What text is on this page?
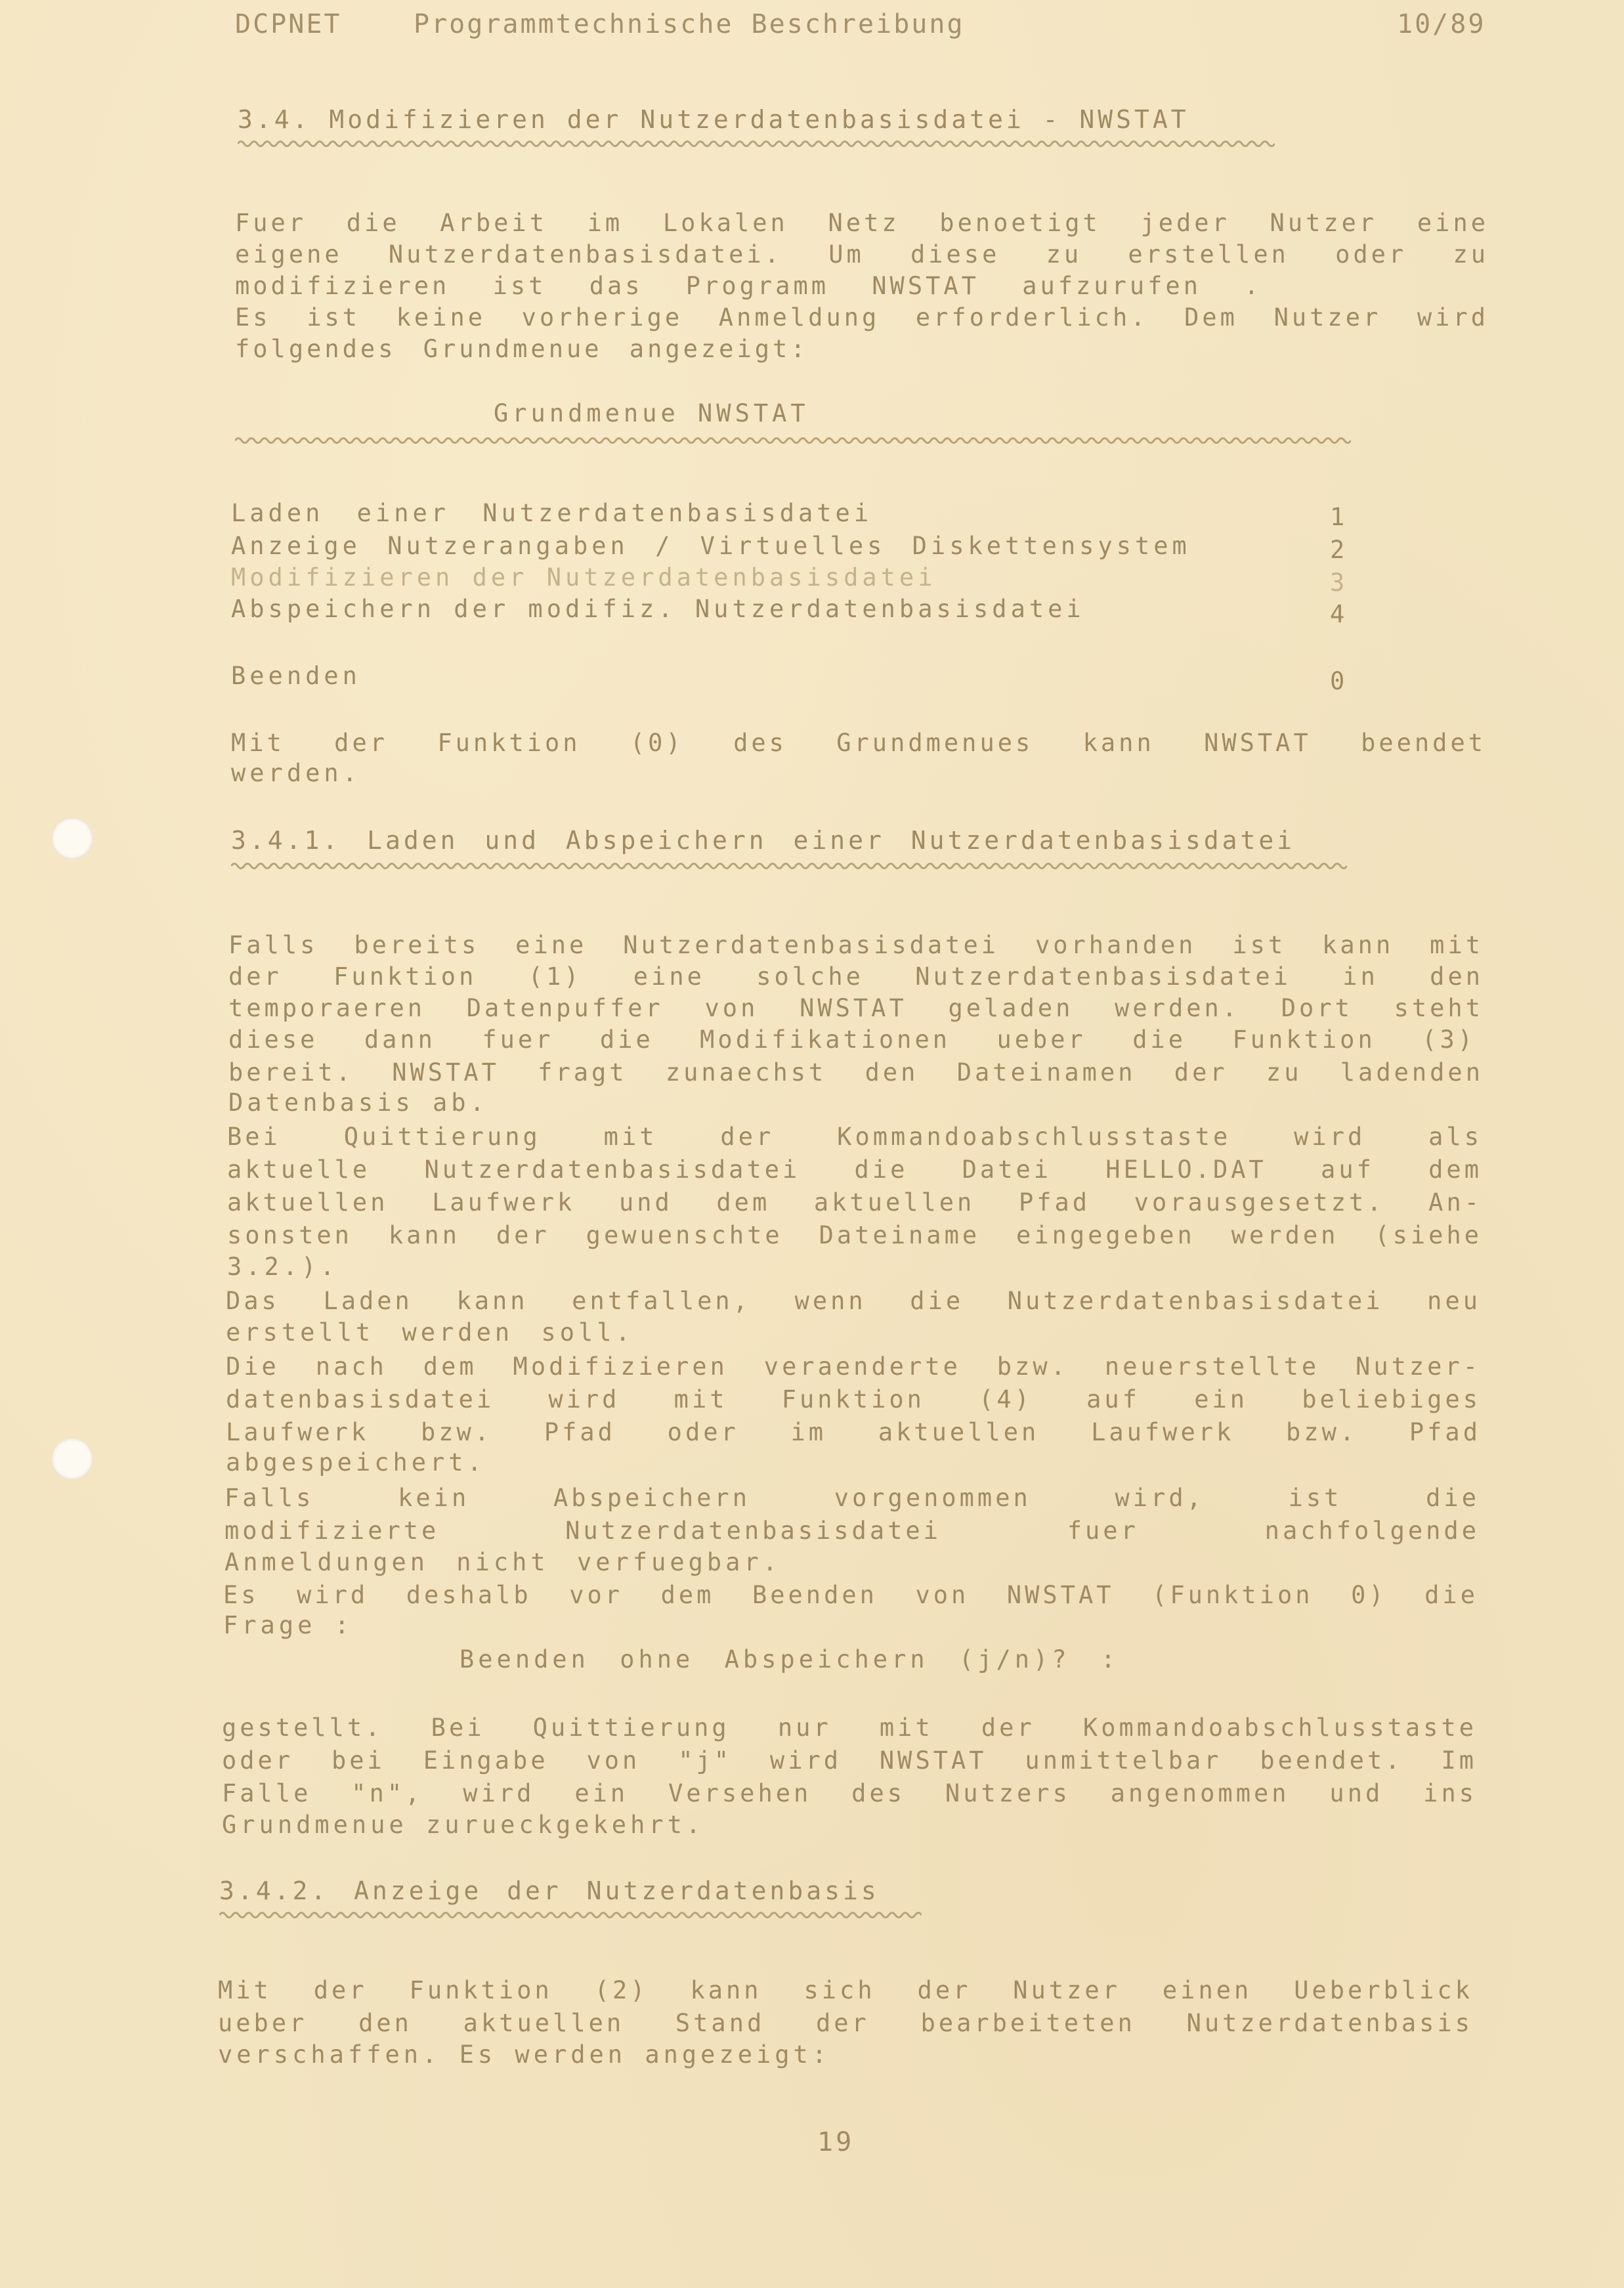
DCPNET	Programmtechnische Beschreibung	10/89
3.4. Modifizieren der Nutzerdatenbasisdatei - NWSTAT
Fuer die Arbeit im Lokalen Netz benoetigt jeder Nutzer eine
eigene Nutzerdatenbasisdatei. Um diese zu erstellen oder zu
modifizieren ist das Programm NWSTAT aufzurufen .
Es ist keine vorherige Anmeldung erforderlich. Dem Nutzer wird
folgendes Grundmenue angezeigt:
Grundmenue NWSTAT
Laden einer Nutzerdatenbasisdatei	1
Anzeige Nutzerangaben / Virtuelles Diskettensystem	2
Modifizieren der Nutzerdatenbasisdatei	3
Abspeichern der modifiz. Nutzerdatenbasisdatei	4
Beenden	0
Mit der Funktion (0) des Grundmenues kann NWSTAT beendet
werden.
3.4.1. Laden und Abspeichern einer Nutzerdatenbasisdatei
Falls bereits eine Nutzerdatenbasisdatei vorhanden ist kann mit
der Funktion (1) eine solche Nutzerdatenbasisdatei in den
temporaeren Datenpuffer von NWSTAT geladen werden. Dort steht
diese dann fuer die Modifikationen ueber die Funktion (3)
bereit. NWSTAT fragt zunaechst den Dateinamen der zu ladenden
Datenbasis ab.
Bei Quittierung mit der Kommandoabschlusstaste wird als
aktuelle Nutzerdatenbasisdatei die Datei HELLO.DAT auf dem
aktuellen Laufwerk und dem aktuellen Pfad vorausgesetzt. An-
sonsten kann der gewuenschte Dateiname eingegeben werden (siehe
3.2.).
Das Laden kann entfallen, wenn die Nutzerdatenbasisdatei neu
erstellt werden soll.
Die nach dem Modifizieren veraenderte bzw. neuerstellte Nutzer-
datenbasisdatei wird mit Funktion (4) auf ein beliebiges
Laufwerk bzw. Pfad oder im aktuellen Laufwerk bzw. Pfad
abgespeichert.
Falls kein Abspeichern vorgenommen wird, ist die
modifizierte Nutzerdatenbasisdatei fuer nachfolgende
Anmeldungen nicht verfuegbar.
Es wird deshalb vor dem Beenden von NWSTAT (Funktion 0) die
Frage :
Beenden ohne Abspeichern (j/n)? :
gestellt. Bei Quittierung nur mit der Kommandoabschlusstaste
oder bei Eingabe von "j" wird NWSTAT unmittelbar beendet. Im
Falle "n", wird ein Versehen des Nutzers angenommen und ins
Grundmenue zurueckgekehrt.
3.4.2. Anzeige der Nutzerdatenbasis
Mit der Funktion (2) kann sich der Nutzer einen Ueberblick
ueber den aktuellen Stand der bearbeiteten Nutzerdatenbasis
verschaffen. Es werden angezeigt:
19
